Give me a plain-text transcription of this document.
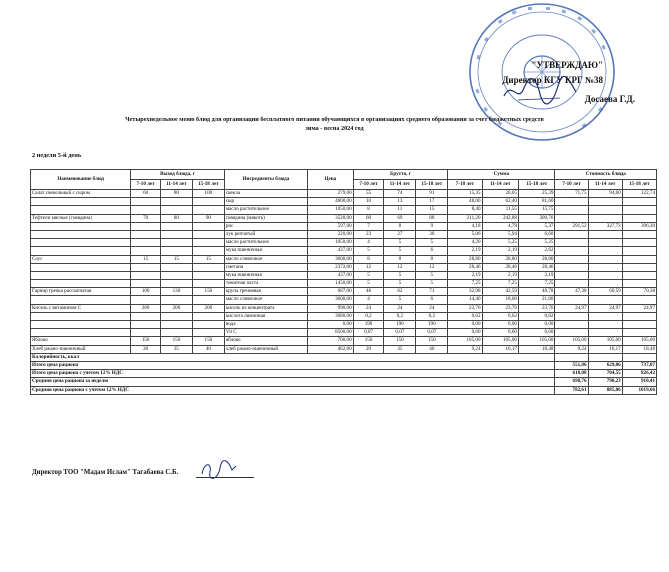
"УТВЕРЖДАЮ"
Директор КГУ КРГ №38
Досаева Г.Д.
Четырехнедельное меню блюд для организации бесплатного питания обучающихся в организациях среднего образования за счет бюджетных средств
зима - весна 2024 год
2 недели 5-й день
Наименование блюд	Выход блюда, г			Ингредиенты блюда	Цена	Брутто, г			Сумма			Стоимость блюда		
	7-10 лет	11-14 лет	15-18 лет			7-10 лет	11-14 лет	15-18 лет	7-10 лет	11-14 лет	15-18 лет	7-10 лет	11-14 лет	15-18 лет
Салат свекольный с сыром	60	80	100	свекла	279,00	55	74	91	15,35	20,65	25,39	71,75	94,60	122,74
				сыр	4800,00	10	13	17	48,00	62,40	81,60			
				масло растительное	1050,00	8	11	15	8,40	11,55	15,75			
Тефтели мясные (говядина)	70	80	90	говядина (мякоть)	3520,00	60	69	88	211,20	242,88	309,76			
				рис	597,00	7	8	9	4,18	4,78	5,37	291,52	327,73	396,30
				лук репчатый	220,00	23	27	30	5,06	5,94	6,60			
				масло растительное	1050,00	4	5	5	4,20	5,25	5,25			
				мука пшеничная	437,00	5	5	6	2,19	2,19	2,62			
Соус	15	15	15	масло сливочное	3600,00	8	8	8	28,80	28,80	28,80			
				сметана	2372,00	12	12	12	28,46	28,46	28,46			
				мука пшеничная	437,00	5	5	5	2,19	2,19	2,19			
				томатная паста	1450,00	5	5	5	7,25	7,25	7,25			
Гарнир гречка рассыпчатая	100	130	150	крупа гречневая	687,00	48	62	71	32,98	42,59	48,78	47,38	60,59	70,38
				масло сливочное	3600,00	4	5	6	14,40	18,00	21,60			
Кисель с витамином С	200	200	200	кисель из концентрата	990,00	24	24	24	23,76	23,76	23,76	24,97	24,97	24,97
				кислота лимонная	3080,00	0,2	0,2	0,2	0,62	0,62	0,62			
				вода	0,00	190	190	190	0,00	0,00	0,00			
				Vit C	8500,00	0,07	0,07	0,07	0,60	0,60	0,60			
Яблоко	150	150	150	яблоко	700,00	150	150	150	105,00	105,00	105,00	105,00	105,00	105,00
Хлеб ржано-пшеничный	20	35	40	хлеб ржано-пшеничный	462,00	20	35	40	9,24	16,17	18,48	9,24	16,17	18,48
Калорийность, ккал														
Итого цена рациона												551,86	629,06	737,87
Итого цена рациона с учетом 12% НДС												618,08	704,55	826,42
Средняя цена рациона за неделю												698,76	790,23	910,41
Средняя цена рациона с учетом 12% НДС												782,61	885,06	1019,66
Директор ТОО "Мадам Ислам" Тагабаева С.Б.
